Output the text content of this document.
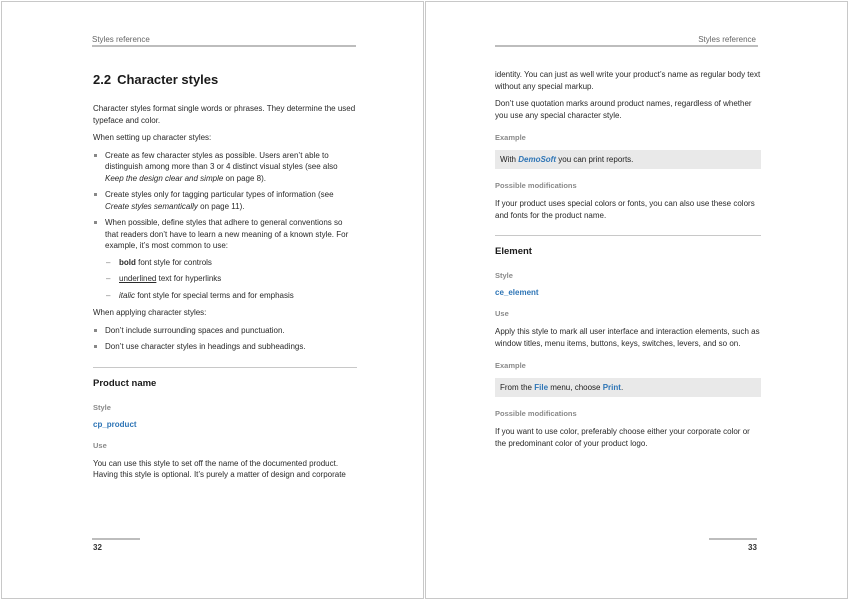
Styles reference
2.2 Character styles

Character styles format single words or phrases. They determine the used typeface and color.

When setting up character styles:

Create as few character styles as possible. Users aren’t able to distinguish among more than 3 or 4 distinct visual styles (see also Keep the design clear and simple on page 8).
Create styles only for tagging particular types of information (see Create styles semantically on page 11).
When possible, define styles that adhere to general conventions so that readers don’t have to learn a new meaning of a known style. For example, it’s most common to use:
– bold font style for controls
– underlined text for hyperlinks
– italic font style for special terms and for emphasis

When applying character styles:

Don’t include surrounding spaces and punctuation.
Don’t use character styles in headings and subheadings.
Product name
Style
cp_product
Use

You can use this style to set off the name of the documented product. Having this style is optional. It’s purely a matter of design and corporate

32
Styles reference

identity. You can just as well write your product’s name as regular body text without any special markup.

Don’t use quotation marks around product names, regardless of whether you use any special character style.

Example
With DemoSoft you can print reports.
Possible modifications

If your product uses special colors or fonts, you can also use these colors and fonts for the product name.

Element
Style
ce_element
Use

Apply this style to mark all user interface and interaction elements, such as window titles, menu items, buttons, keys, switches, levers, and so on.

Example
From the File menu, choose Print.
Possible modifications

If you want to use color, preferably choose either your corporate color or the predominant color of your product logo.

33
